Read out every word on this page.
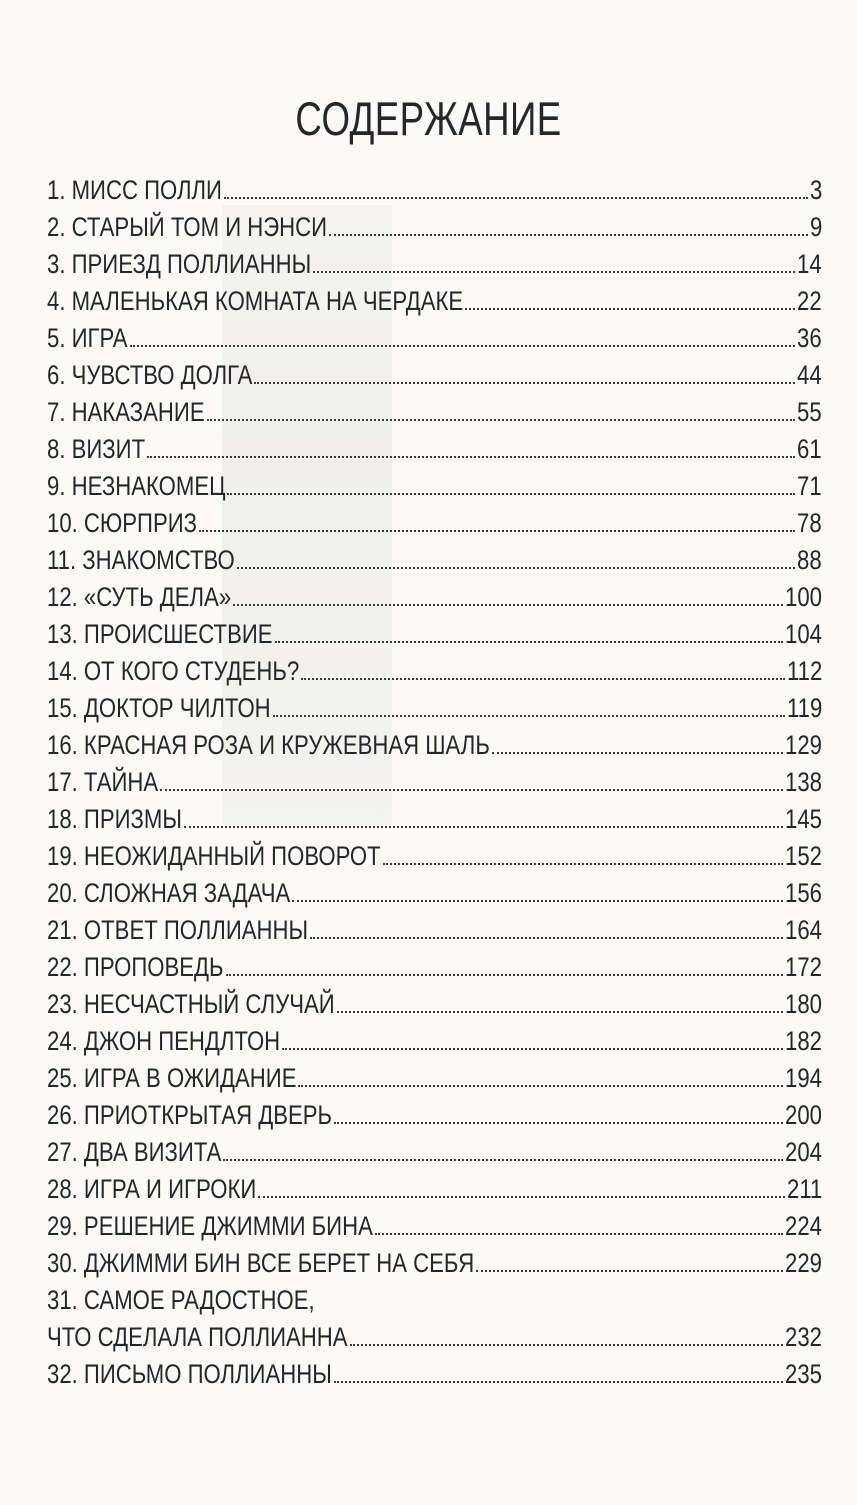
СОДЕРЖАНИЕ
1. МИСС ПОЛЛИ	3
2. СТАРЫЙ ТОМ И НЭНСИ	9
3. ПРИЕЗД ПОЛЛИАННЫ	14
4. МАЛЕНЬКАЯ КОМНАТА НА ЧЕРДАКЕ	22
5. ИГРА	36
6. ЧУВСТВО ДОЛГА	44
7. НАКАЗАНИЕ	55
8. ВИЗИТ	61
9. НЕЗНАКОМЕЦ	71
10. СЮРПРИЗ	78
11. ЗНАКОМСТВО	88
12. «СУТЬ ДЕЛА»	100
13. ПРОИСШЕСТВИЕ	104
14. ОТ КОГО СТУДЕНЬ?	112
15. ДОКТОР ЧИЛТОН	119
16. КРАСНАЯ РОЗА И КРУЖЕВНАЯ ШАЛЬ	129
17. ТАЙНА	138
18. ПРИЗМЫ	145
19. НЕОЖИДАННЫЙ ПОВОРОТ	152
20. СЛОЖНАЯ ЗАДАЧА	156
21. ОТВЕТ ПОЛЛИАННЫ	164
22. ПРОПОВЕДЬ	172
23. НЕСЧАСТНЫЙ СЛУЧАЙ	180
24. ДЖОН ПЕНДЛТОН	182
25. ИГРА В ОЖИДАНИЕ	194
26. ПРИОТКРЫТАЯ ДВЕРЬ	200
27. ДВА ВИЗИТА	204
28. ИГРА И ИГРОКИ	211
29. РЕШЕНИЕ ДЖИММИ БИНА	224
30. ДЖИММИ БИН ВСЕ БЕРЕТ НА СЕБЯ	229
31. САМОЕ РАДОСТНОЕ,
ЧТО СДЕЛАЛА ПОЛЛИАННА	232
32. ПИСЬМО ПОЛЛИАННЫ	235
